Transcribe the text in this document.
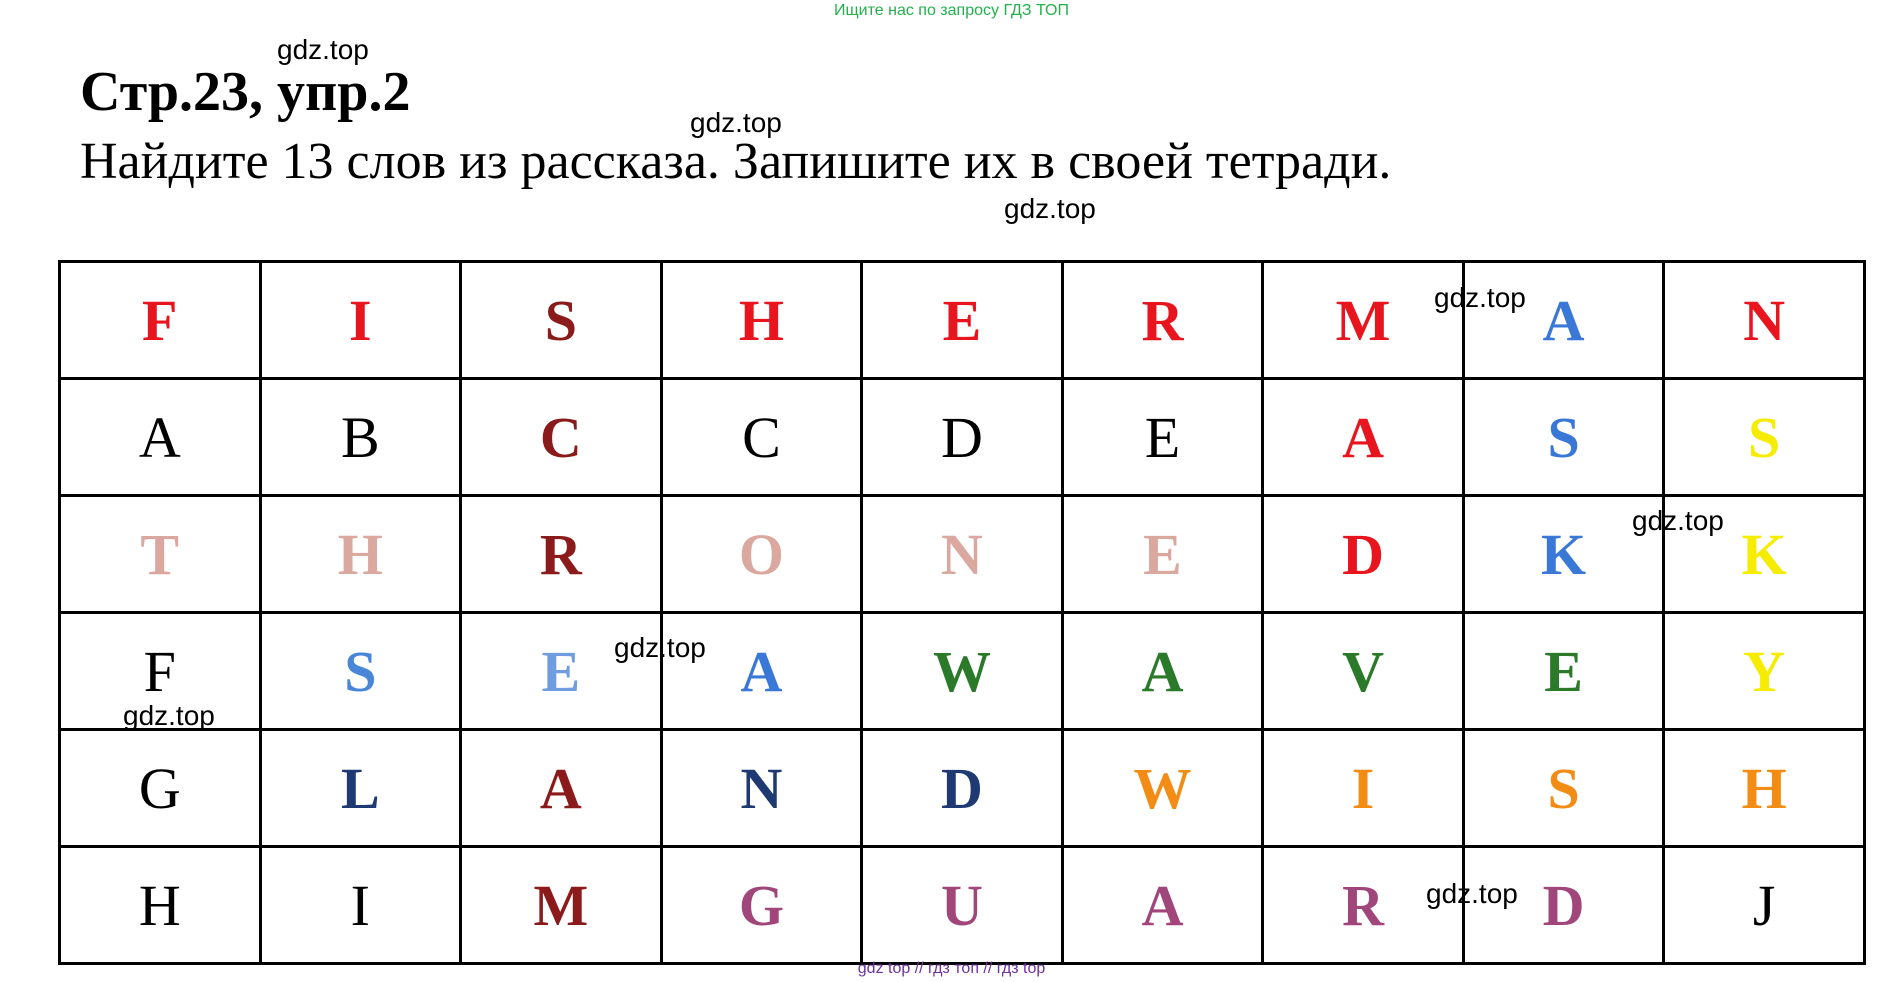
Ищите нас по запросу ГДЗ ТОП
Стр.23, упр.2
Найдите 13 слов из рассказа. Запишите их в своей тетради.
F	I	S	H	E	R	M	A	N
A	B	C	C	D	E	A	S	S
T	H	R	O	N	E	D	K	K
F	S	E	A	W	A	V	E	Y
G	L	A	N	D	W	I	S	H
H	I	M	G	U	A	R	D	J
gdz.top
gdz.top
gdz.top
gdz.top
gdz.top
gdz.top
gdz.top
gdz.top
gdz top // гдз топ // гдз top
